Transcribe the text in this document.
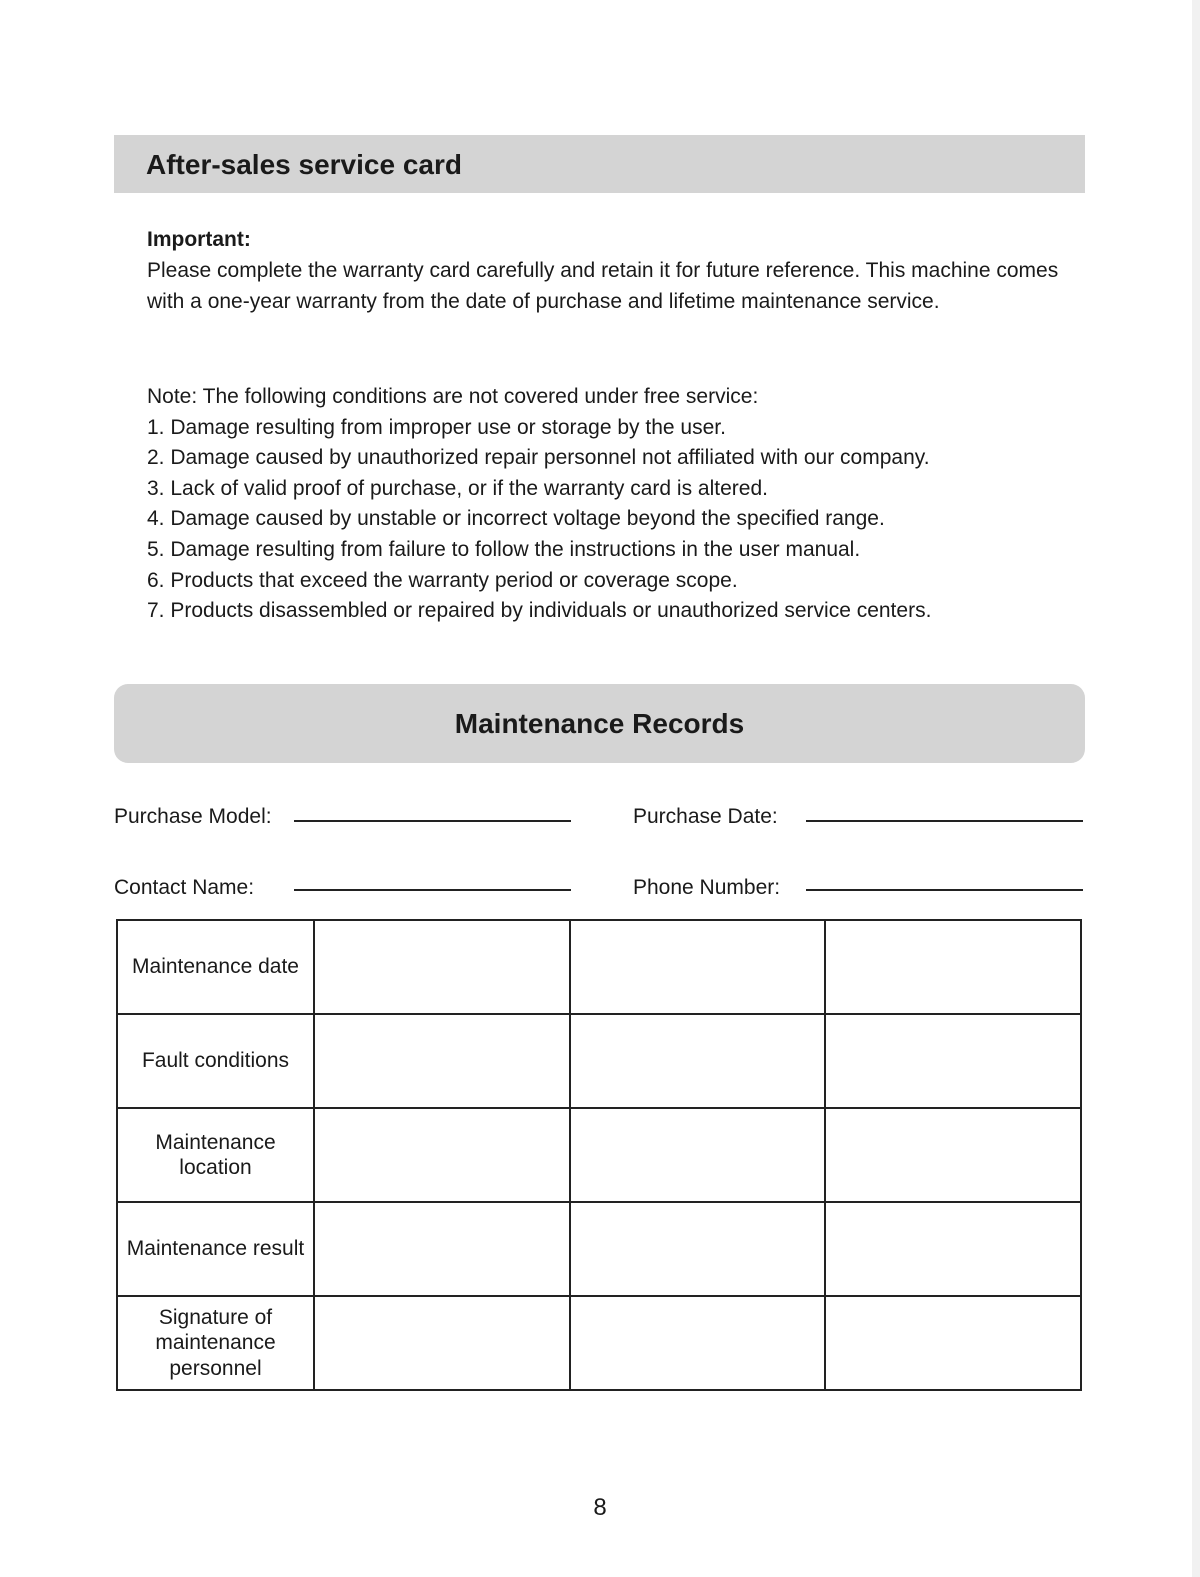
After-sales service card
Important:
Please complete the warranty card carefully and retain it for future reference. This machine comes with a one-year warranty from the date of purchase and lifetime maintenance service.
Note: The following conditions are not covered under free service:
1. Damage resulting from improper use or storage by the user.
2. Damage caused by unauthorized repair personnel not affiliated with our company.
3. Lack of valid proof of purchase, or if the warranty card is altered.
4. Damage caused by unstable or incorrect voltage beyond the specified range.
5. Damage resulting from failure to follow the instructions in the user manual.
6. Products that exceed the warranty period or coverage scope.
7. Products disassembled or repaired by individuals or unauthorized service centers.
Maintenance Records
Purchase Model:	Purchase Date:
Contact Name:	Phone Number:
Maintenance date			
Fault conditions			
Maintenance location			
Maintenance result			
Signature of maintenance personnel			
8
